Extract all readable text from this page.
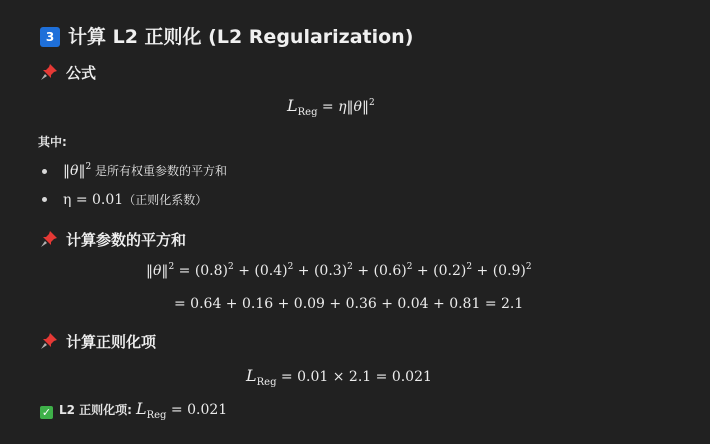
3 计算 L2 正则化 (L2 Regularization)
公式
$L_{Reg}$ = η‖θ‖$^2$
其中:
‖θ‖$^2$ 是所有权重参数的平方和
η = 0.01（正则化系数）
计算参数的平方和
‖θ‖$^2$ = $(0.8)^2 + (0.4)^2 + (0.3)^2 + (0.6)^2 + (0.2)^2 + (0.9)^2$
= 0.64 + 0.16 + 0.09 + 0.36 + 0.04 + 0.81 = 2.1
计算正则化项
$L_{Reg} = 0.01 \times 2.1 = 0.021$
✓ L2 正则化项: $L_{Reg} = 0.021$
